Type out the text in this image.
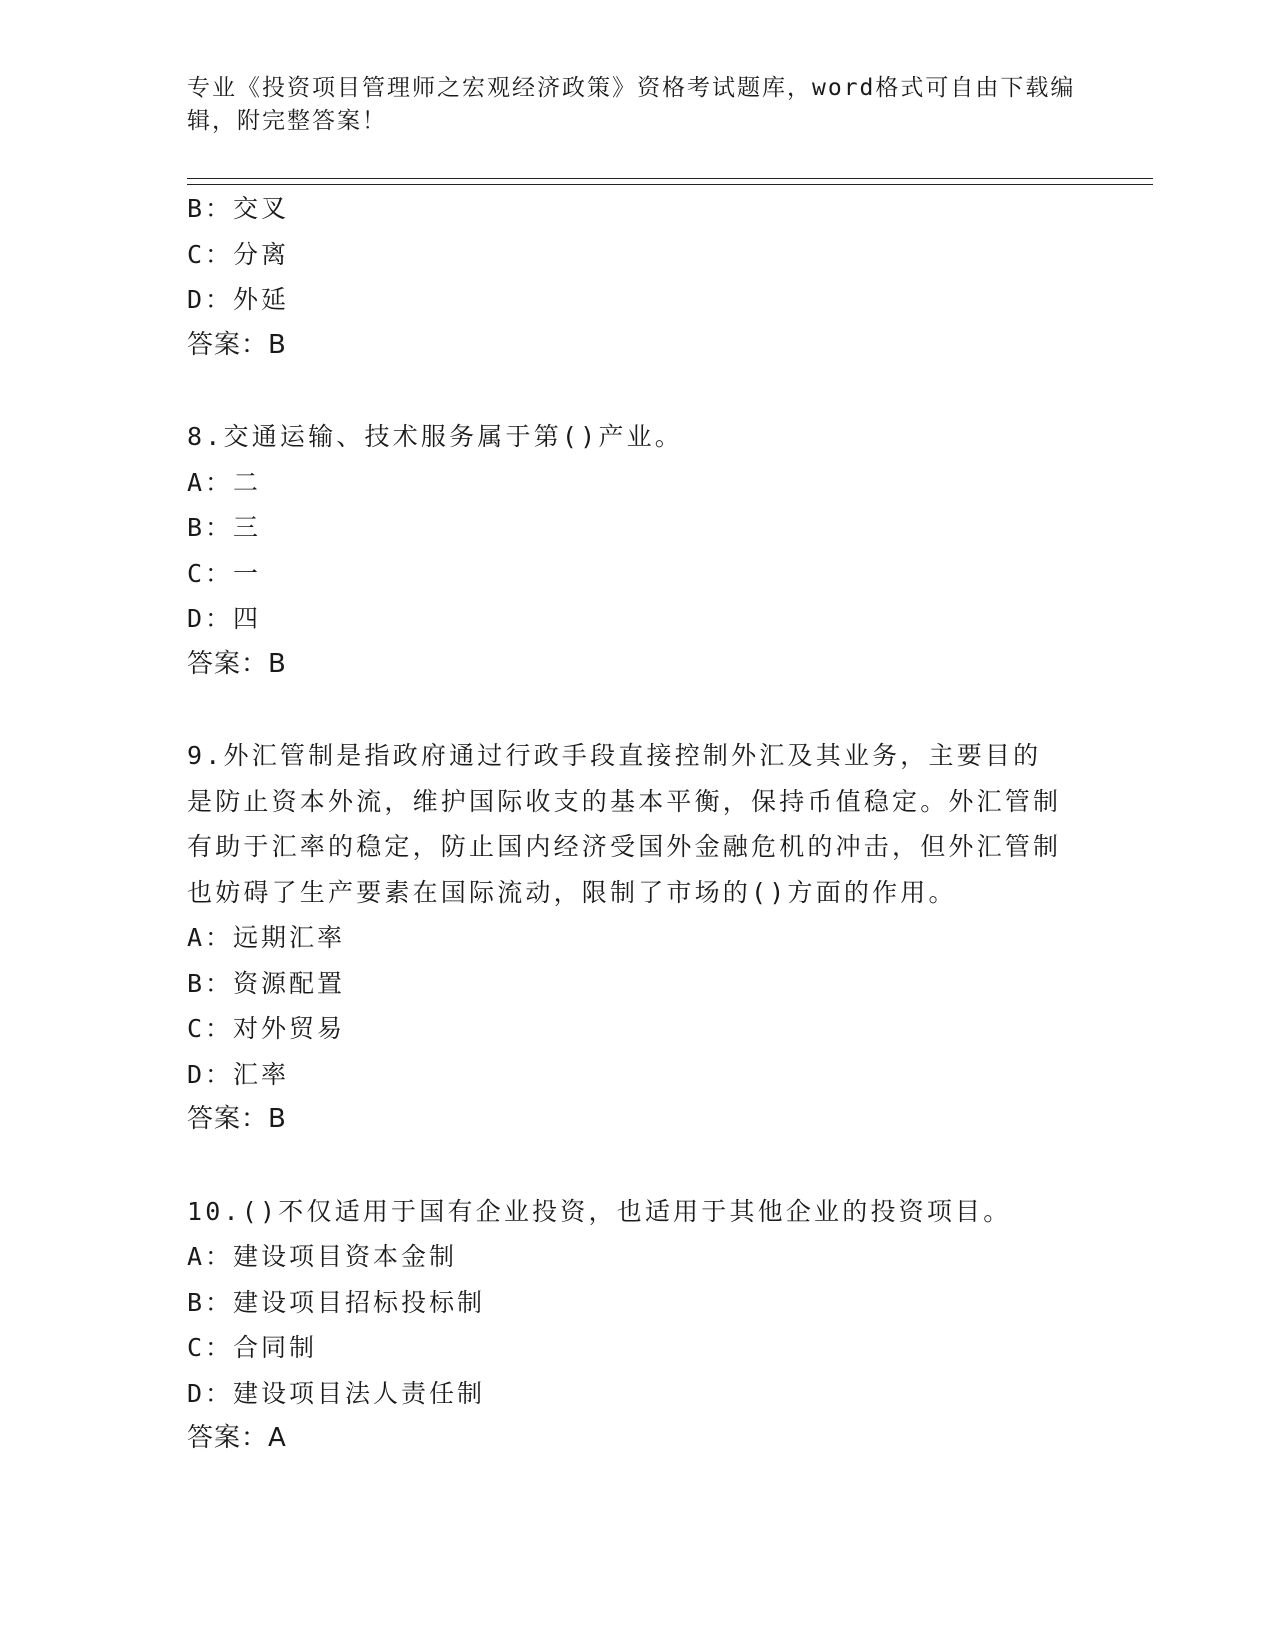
专业《投资项目管理师之宏观经济政策》资格考试题库，word格式可自由下载编辑，附完整答案！
B：交叉
C：分离
D：外延
答案：B
8.交通运输、技术服务属于第()产业。
A：二
B：三
C：一
D：四
答案：B
9.外汇管制是指政府通过行政手段直接控制外汇及其业务，主要目的是防止资本外流，维护国际收支的基本平衡，保持币值稳定。外汇管制有助于汇率的稳定，防止国内经济受国外金融危机的冲击，但外汇管制也妨碍了生产要素在国际流动，限制了市场的()方面的作用。
A：远期汇率
B：资源配置
C：对外贸易
D：汇率
答案：B
10.()不仅适用于国有企业投资，也适用于其他企业的投资项目。
A：建设项目资本金制
B：建设项目招标投标制
C：合同制
D：建设项目法人责任制
答案：A
